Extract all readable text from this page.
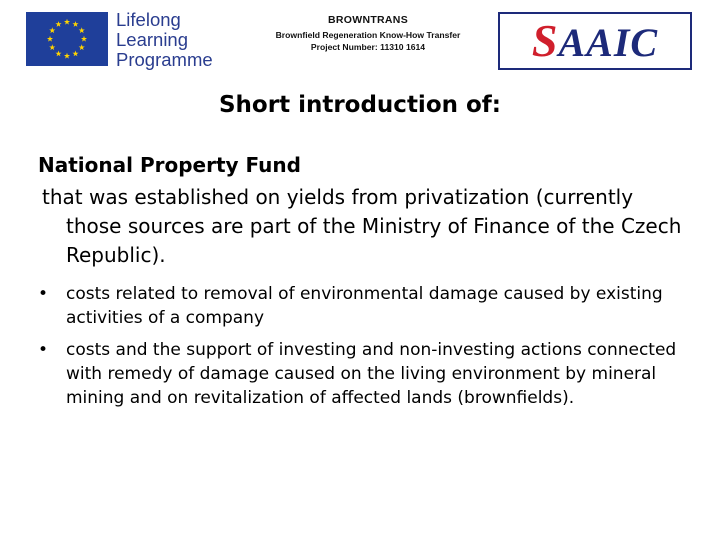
Lifelong
Learning
Programme
BROWNTRANS
Brownfield Regeneration Know-How Transfer
Project Number: 11310 1614	SAAIC
Short introduction of:
National Property Fund
that was established on yields from privatization (currently those sources are part of the Ministry of Finance of the Czech Republic).
• costs related to removal of environmental damage caused by existing activities of a company
• costs and the support of investing and non-investing actions connected with remedy of damage caused on the living environment by mineral mining and on revitalization of affected lands (brownfields).
